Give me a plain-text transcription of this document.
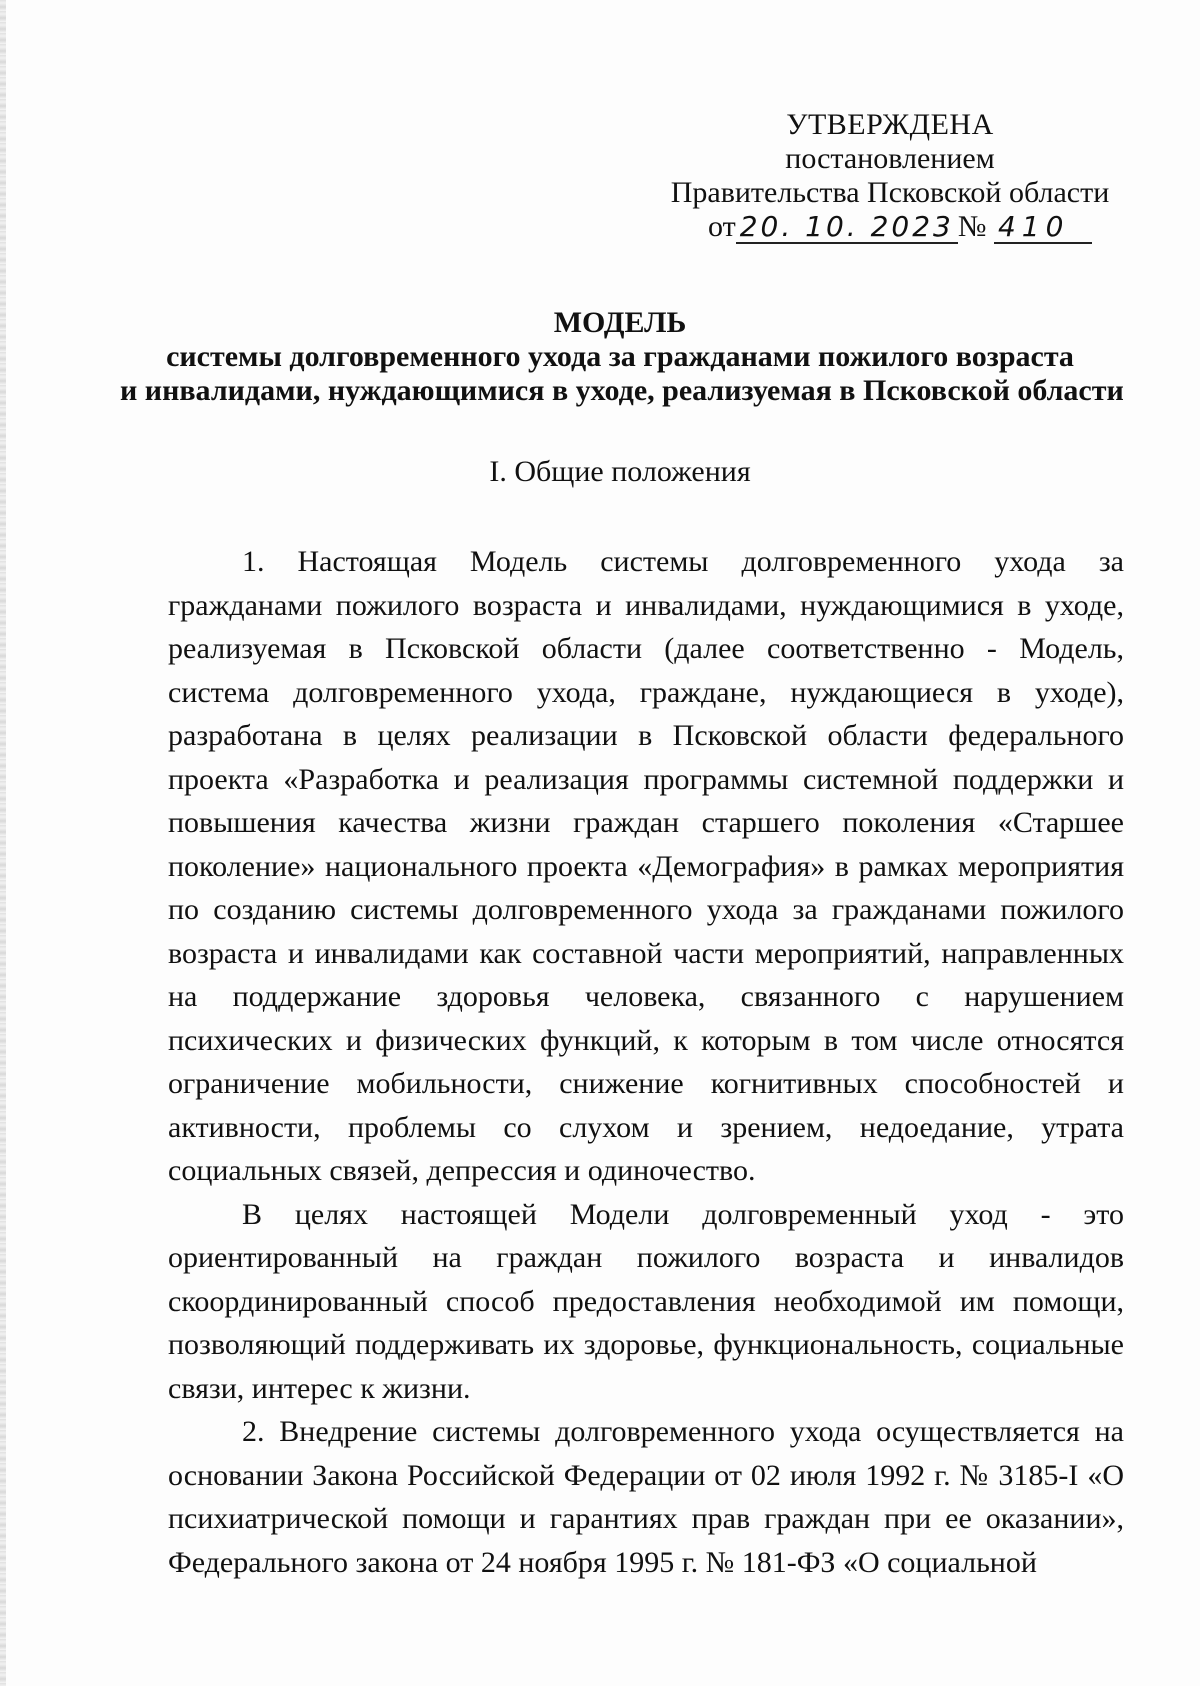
УТВЕРЖДЕНА
постановлением
Правительства Псковской области
от 20. 10. 2023 № 410
МОДЕЛЬ
системы долговременного ухода за гражданами пожилого возраста
и инвалидами, нуждающимися в уходе, реализуемая в Псковской области
I. Общие положения

1. Настоящая Модель системы долговременного ухода за гражданами пожилого возраста и инвалидами, нуждающимися в уходе, реализуемая в Псковской области (далее соответственно - Модель, система долговременного ухода, граждане, нуждающиеся в уходе), разработана в целях реализации в Псковской области федерального проекта «Разработка и реализация программы системной поддержки и повышения качества жизни граждан старшего поколения «Старшее поколение» национального проекта «Демография» в рамках мероприятия по созданию системы долговременного ухода за гражданами пожилого возраста и инвалидами как составной части мероприятий, направленных на поддержание здоровья человека, связанного с нарушением психических и физических функций, к которым в том числе относятся ограничение мобильности, снижение когнитивных способностей и активности, проблемы со слухом и зрением, недоедание, утрата социальных связей, депрессия и одиночество.

В целях настоящей Модели долговременный уход - это ориентированный на граждан пожилого возраста и инвалидов скоординированный способ предоставления необходимой им помощи, позволяющий поддерживать их здоровье, функциональность, социальные связи, интерес к жизни.

2. Внедрение системы долговременного ухода осуществляется на основании Закона Российской Федерации от 02 июля 1992 г. № 3185-I «О психиатрической помощи и гарантиях прав граждан при ее оказании», Федерального закона от 24 ноября 1995 г. № 181-ФЗ «О социальной
